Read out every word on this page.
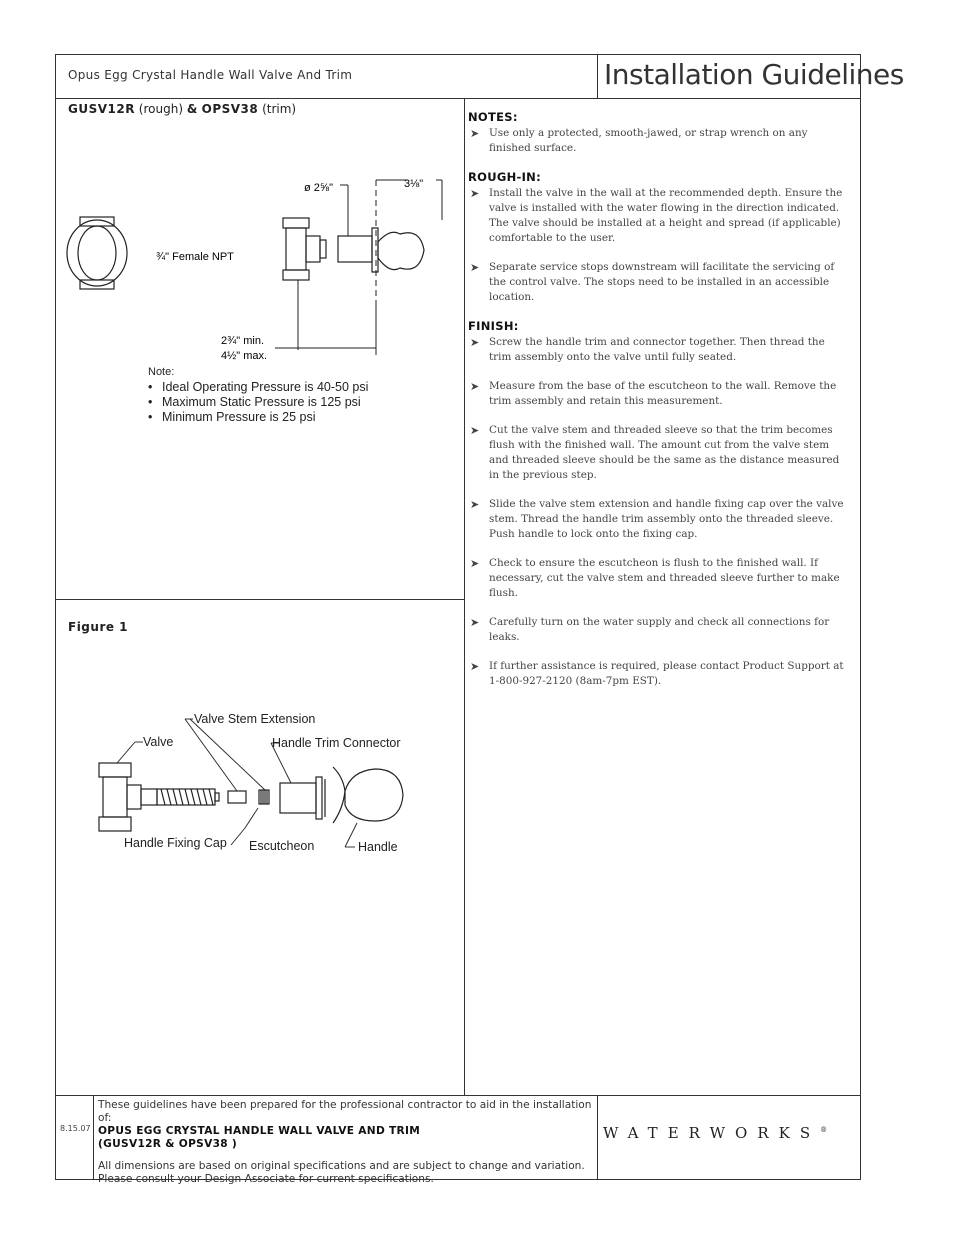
Opus Egg Crystal Handle Wall Valve And Trim	Installation Guidelines
GUSV12R (rough) & OPSV38 (trim)
ø 2⅝"	3⅛"
¾" Female NPT
2¾" min.
4½" max.
Note:
• Ideal Operating Pressure is 40-50 psi
• Maximum Static Pressure is 125 psi
• Minimum Pressure is 25 psi
Figure 1
Valve Stem Extension
Valve	Handle Trim Connector
Handle Fixing Cap Escutcheon	Handle
NOTES:
➤ Use only a protected, smooth-jawed, or strap wrench on any finished surface.
ROUGH-IN:
➤ Install the valve in the wall at the recommended depth. Ensure the valve is installed with the water flowing in the direction indicated. The valve should be installed at a height and spread (if applicable) comfortable to the user.
➤ Separate service stops downstream will facilitate the servicing of the control valve. The stops need to be installed in an accessible location.
FINISH:
➤ Screw the handle trim and connector together. Then thread the trim assembly onto the valve until fully seated.
➤ Measure from the base of the escutcheon to the wall. Remove the trim assembly and retain this measurement.
➤ Cut the valve stem and threaded sleeve so that the trim becomes flush with the finished wall. The amount cut from the valve stem and threaded sleeve should be the same as the distance measured in the previous step.
➤ Slide the valve stem extension and handle fixing cap over the valve stem. Thread the handle trim assembly onto the threaded sleeve. Push handle to lock onto the fixing cap.
➤ Check to ensure the escutcheon is flush to the finished wall. If necessary, cut the valve stem and threaded sleeve further to make flush.
➤ Carefully turn on the water supply and check all connections for leaks.
➤ If further assistance is required, please contact Product Support at 1-800-927-2120 (8am-7pm EST).
8.15.07
These guidelines have been prepared for the professional contractor to aid in the installation of:
OPUS EGG CRYSTAL HANDLE WALL VALVE AND TRIM
(GUSV12R & OPSV38 )
All dimensions are based on original specifications and are subject to change and variation.
Please consult your Design Associate for current specifications.
WATERWORKS®
